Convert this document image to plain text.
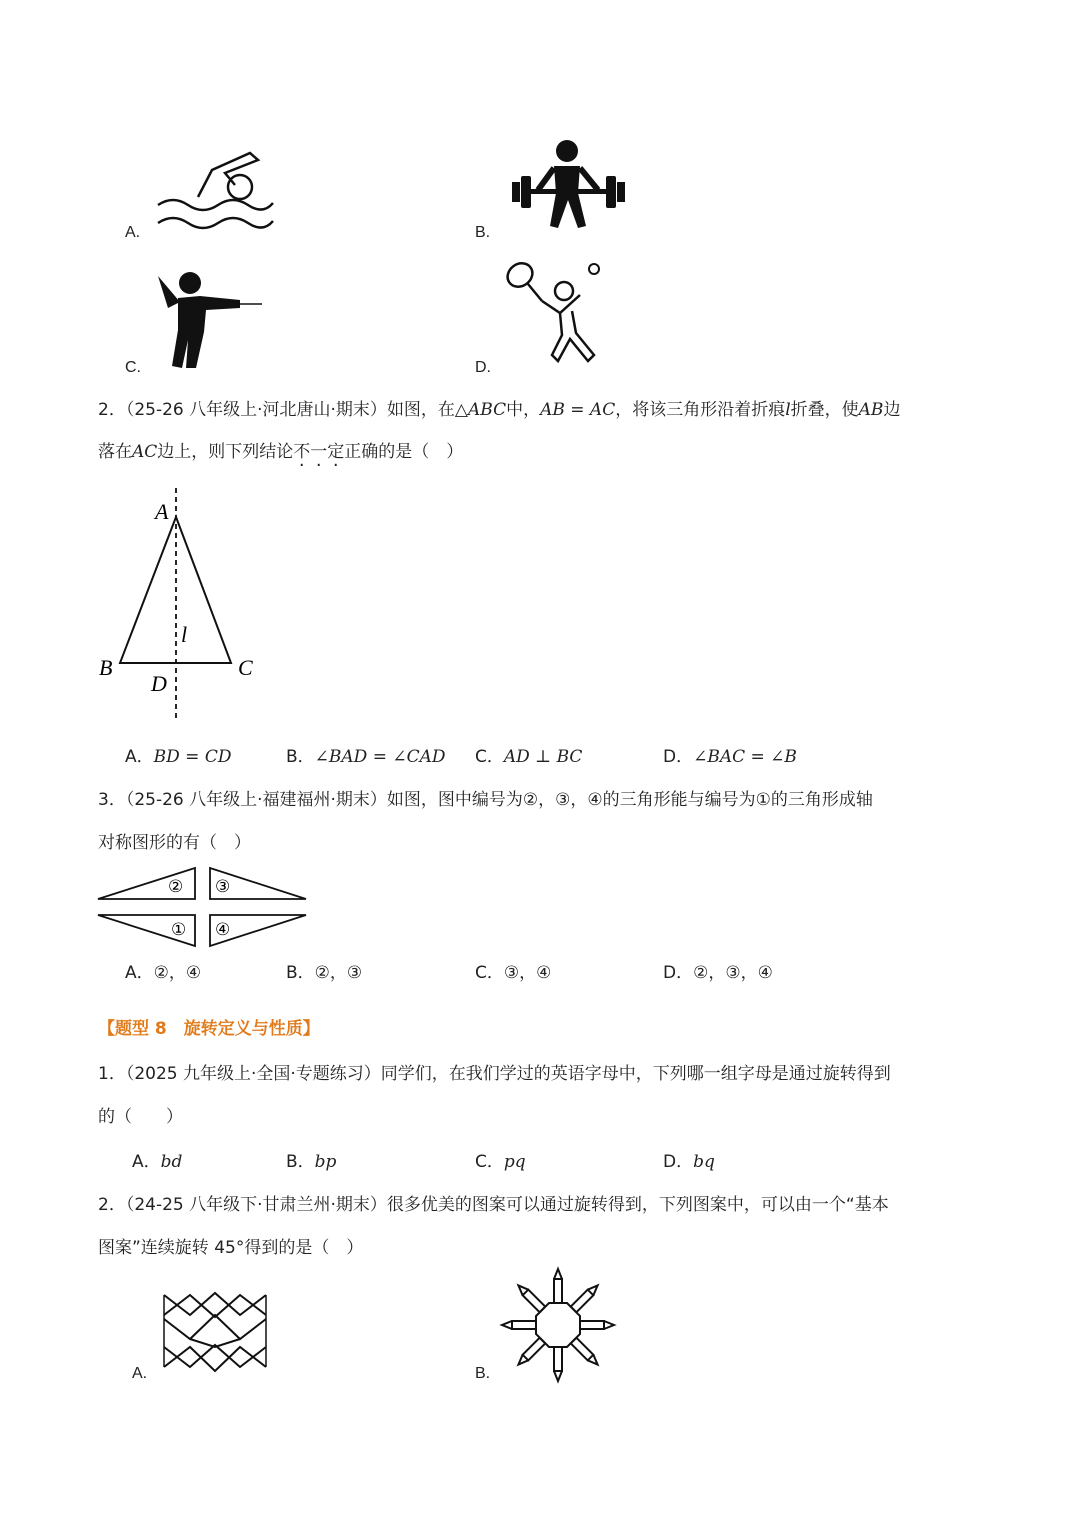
A.	B.
C.	D.
2．（25-26 八年级上·河北唐山·期末）如图，在△ABC中，AB = AC，将该三角形沿着折痕l折叠，使AB边
落在AC边上，则下列结论不一定正确的是（　）
A
B	C
D
l
A．BD = CD	B．∠BAD = ∠CAD C．AD ⊥ BC	D．∠BAC = ∠B
3．（25-26 八年级上·福建福州·期末）如图，图中编号为②，③，④的三角形能与编号为①的三角形成轴
对称图形的有（　）
② ③
① ④
A．②，④	B．②，③	C．③，④	D．②，③，④
【题型 8　旋转定义与性质】
1．（2025 九年级上·全国·专题练习）同学们，在我们学过的英语字母中，下列哪一组字母是通过旋转得到
的（　　）
A．bd	B．bp	C．pq	D．bq
2．（24-25 八年级下·甘肃兰州·期末）很多优美的图案可以通过旋转得到，下列图案中，可以由一个“基本
图案”连续旋转 45°得到的是（　）
A.	B.
